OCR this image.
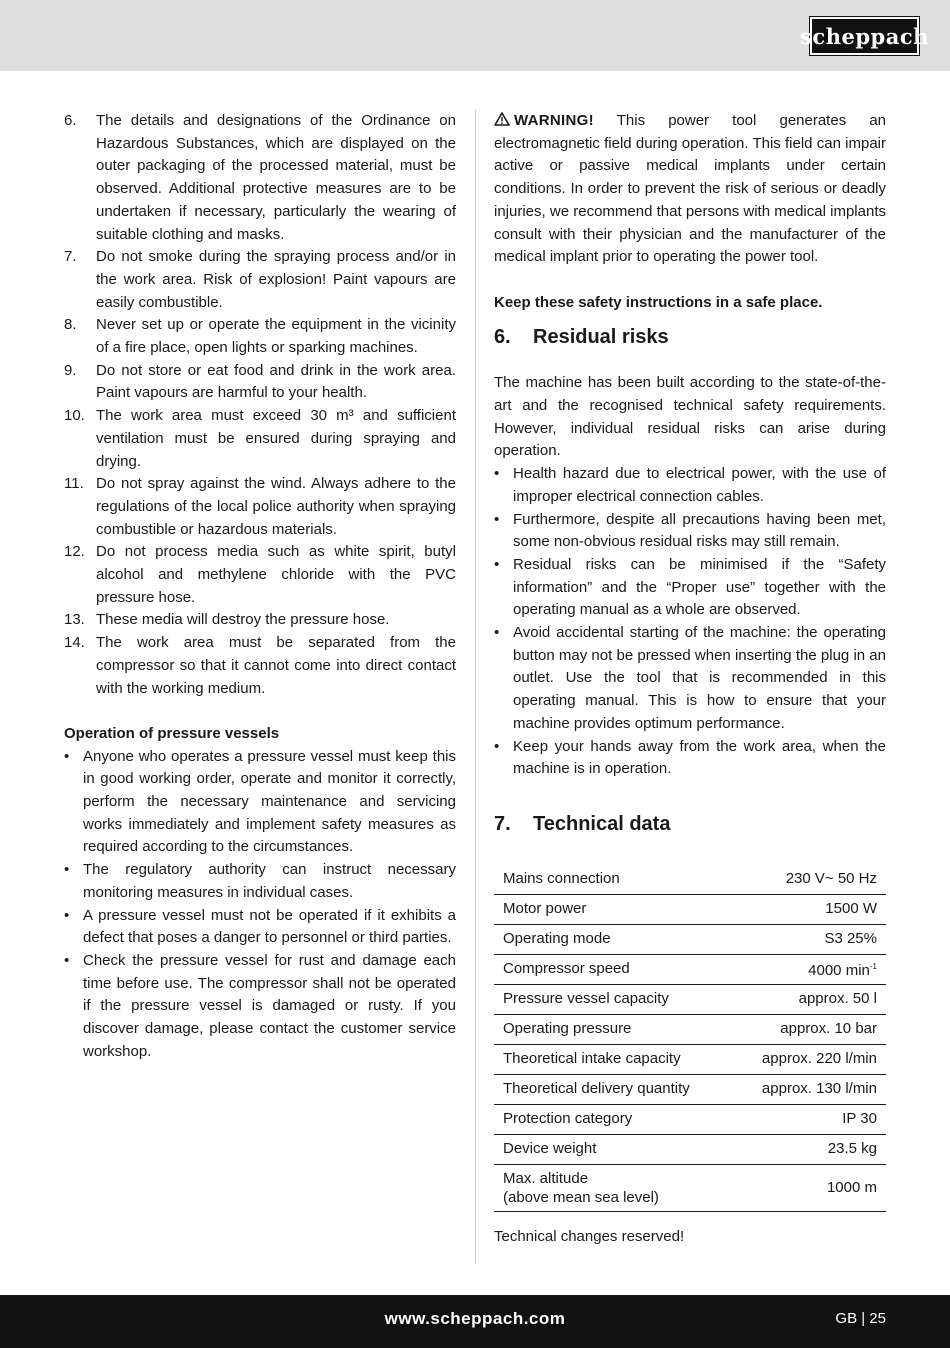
scheppach
6.	The details and designations of the Ordinance on Hazardous Substances, which are displayed on the outer packaging of the processed material, must be observed. Additional protective measures are to be undertaken if necessary, particularly the wearing of suitable clothing and masks.
7.	Do not smoke during the spraying process and/or in the work area. Risk of explosion! Paint vapours are easily combustible.
8.	Never set up or operate the equipment in the vicinity of a fire place, open lights or sparking machines.
9.	Do not store or eat food and drink in the work area. Paint vapours are harmful to your health.
10. The work area must exceed 30 m³ and sufficient ventilation must be ensured during spraying and drying.
11. Do not spray against the wind. Always adhere to the regulations of the local police authority when spraying combustible or hazardous materials.
12. Do not process media such as white spirit, butyl alcohol and methylene chloride with the PVC pressure hose.
13. These media will destroy the pressure hose.
14. The work area must be separated from the compressor so that it cannot come into direct contact with the working medium.
Operation of pressure vessels
• Anyone who operates a pressure vessel must keep this in good working order, operate and monitor it correctly, perform the necessary maintenance and servicing works immediately and implement safety measures as required according to the circumstances.
• The regulatory authority can instruct necessary monitoring measures in individual cases.
• A pressure vessel must not be operated if it exhibits a defect that poses a danger to personnel or third parties.
• Check the pressure vessel for rust and damage each time before use. The compressor shall not be operated if the pressure vessel is damaged or rusty. If you discover damage, please contact the customer service workshop.

WARNING! This power tool generates an electromagnetic field during operation. This field can impair active or passive medical implants under certain conditions. In order to prevent the risk of serious or deadly injuries, we recommend that persons with medical implants consult with their physician and the manufacturer of the medical implant prior to operating the power tool.

Keep these safety instructions in a safe place.

6.	Residual risks

The machine has been built according to the state-of-the-art and the recognised technical safety requirements. However, individual residual risks can arise during operation.

• Health hazard due to electrical power, with the use of improper electrical connection cables.
• Furthermore, despite all precautions having been met, some non-obvious residual risks may still remain.
• Residual risks can be minimised if the “Safety information” and the “Proper use” together with the operating manual as a whole are observed.
• Avoid accidental starting of the machine: the operating button may not be pressed when inserting the plug in an outlet. Use the tool that is recommended in this operating manual. This is how to ensure that your machine provides optimum performance.
• Keep your hands away from the work area, when the machine is in operation.
7.	Technical data
Mains connection	230 V~ 50 Hz
Motor power	1500 W
Operating mode	S3 25%
Compressor speed	4000 $\min^{-1}$
Pressure vessel capacity	approx. 50 l
Operating pressure	approx. 10 bar
Theoretical intake capacity	approx. 220 l/min
Theoretical delivery quantity	approx. 130 l/min
Protection category	IP 30
Device weight	23.5 kg
Max. altitude
(above mean sea level)	1000 m
Technical changes reserved!
www.scheppach.com	GB | 25
